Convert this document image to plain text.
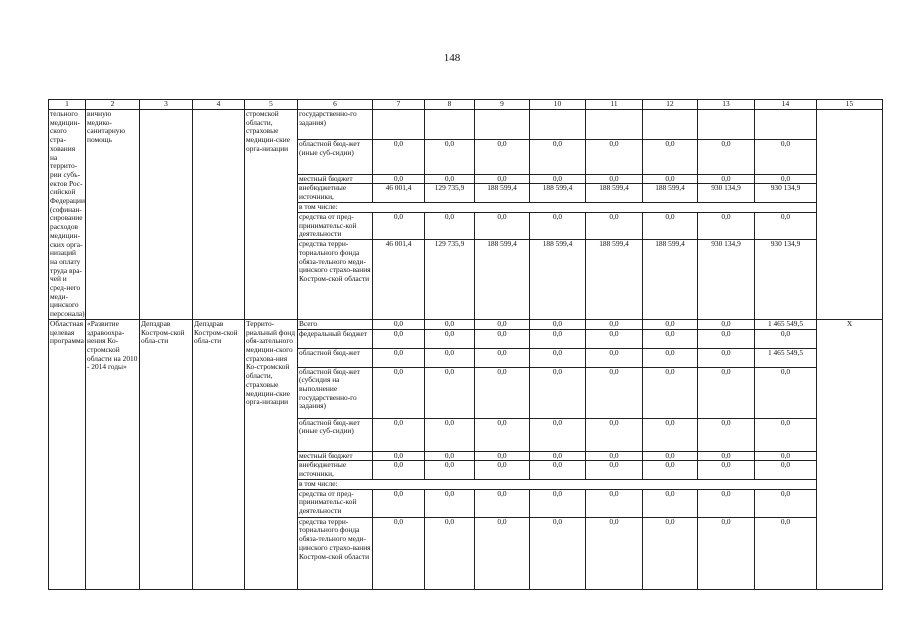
148
1	2	3	4	5	6	7	8	9	10	11	12	13	14	15
тельного медицин-ского стра-хования на террито-рии субъ-ектов Рос-сийской Федерации (софинан-сирование расходов медицин-ских орга-низаций на оплату труда вра-чей и сред-него меди-цинского персонала)	вичную медико-санитарную помощь			стромской области, страховые медицин-ские орга-низации	государственно-го задания)									
					областной бюд-жет (иные суб-сидии)	0,0	0,0	0,0	0,0	0,0	0,0	0,0	0,0	
					местный бюджет	0,0	0,0	0,0	0,0	0,0	0,0	0,0	0,0	
					внебюджетные источники,	46 001,4	129 735,9	188 599,4	188 599,4	188 599,4	188 599,4	930 134,9	930 134,9	
					в том числе:									
					средства от пред-принимательс-кой деятельности	0,0	0,0	0,0	0,0	0,0	0,0	0,0	0,0	
					средства терри-ториального фонда обяза-тельного меди-цинского страхо-вания Костром-ской области	46 001,4	129 735,9	188 599,4	188 599,4	188 599,4	188 599,4	930 134,9	930 134,9	
Областная целевая программа	«Развитие здравоохра-нения Ко-стромской области на 2010 - 2014 годы»	Депздрав Костром-ской обла-сти	Депздрав Костром-ской обла-сти	Террито-риальный фонд обя-зательного медицин-ского страхова-ния Ко-стромской области, страховые медицин-ские орга-низации	Всего	0,0	0,0	0,0	0,0	0,0	0,0	0,0	1 465 549,5	Х
					федеральный бюджет	0,0	0,0	0,0	0,0	0,0	0,0	0,0	0,0	
					областной бюд-жет	0,0	0,0	0,0	0,0	0,0	0,0	0,0	1 465 549,5	
					областной бюд-жет (субсидия на выполнение государственно-го задания)	0,0	0,0	0,0	0,0	0,0	0,0	0,0	0,0	
					областной бюд-жет (иные суб-сидии)	0,0	0,0	0,0	0,0	0,0	0,0	0,0	0,0	
					местный бюджет	0,0	0,0	0,0	0,0	0,0	0,0	0,0	0,0	
					внебюджетные источники,	0,0	0,0	0,0	0,0	0,0	0,0	0,0	0,0	
					в том числе:									
					средства от пред-принимательс-кой деятельности	0,0	0,0	0,0	0,0	0,0	0,0	0,0	0,0	
					средства терри-ториального фонда обяза-тельного меди-цинского страхо-вания Костром-ской области	0,0	0,0	0,0	0,0	0,0	0,0	0,0	0,0	
